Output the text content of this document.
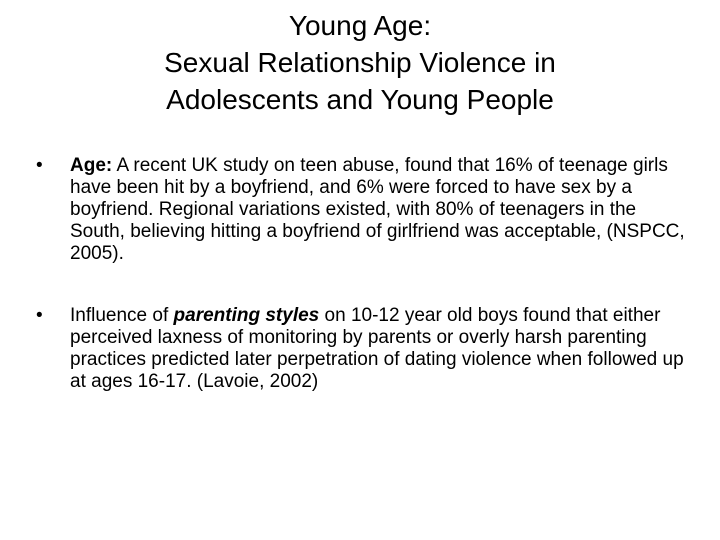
Young Age:
Sexual Relationship Violence in
Adolescents and Young People
•	Age: A recent UK study on teen abuse, found that 16% of teenage girls have been hit by a boyfriend, and 6% were forced to have sex by a boyfriend. Regional variations existed, with 80% of teenagers in the South, believing hitting a boyfriend of girlfriend was acceptable, (NSPCC, 2005).
•	Influence of parenting styles on 10-12 year old boys found that either perceived laxness of monitoring by parents or overly harsh parenting practices predicted later perpetration of dating violence when followed up at ages 16-17. (Lavoie, 2002)
